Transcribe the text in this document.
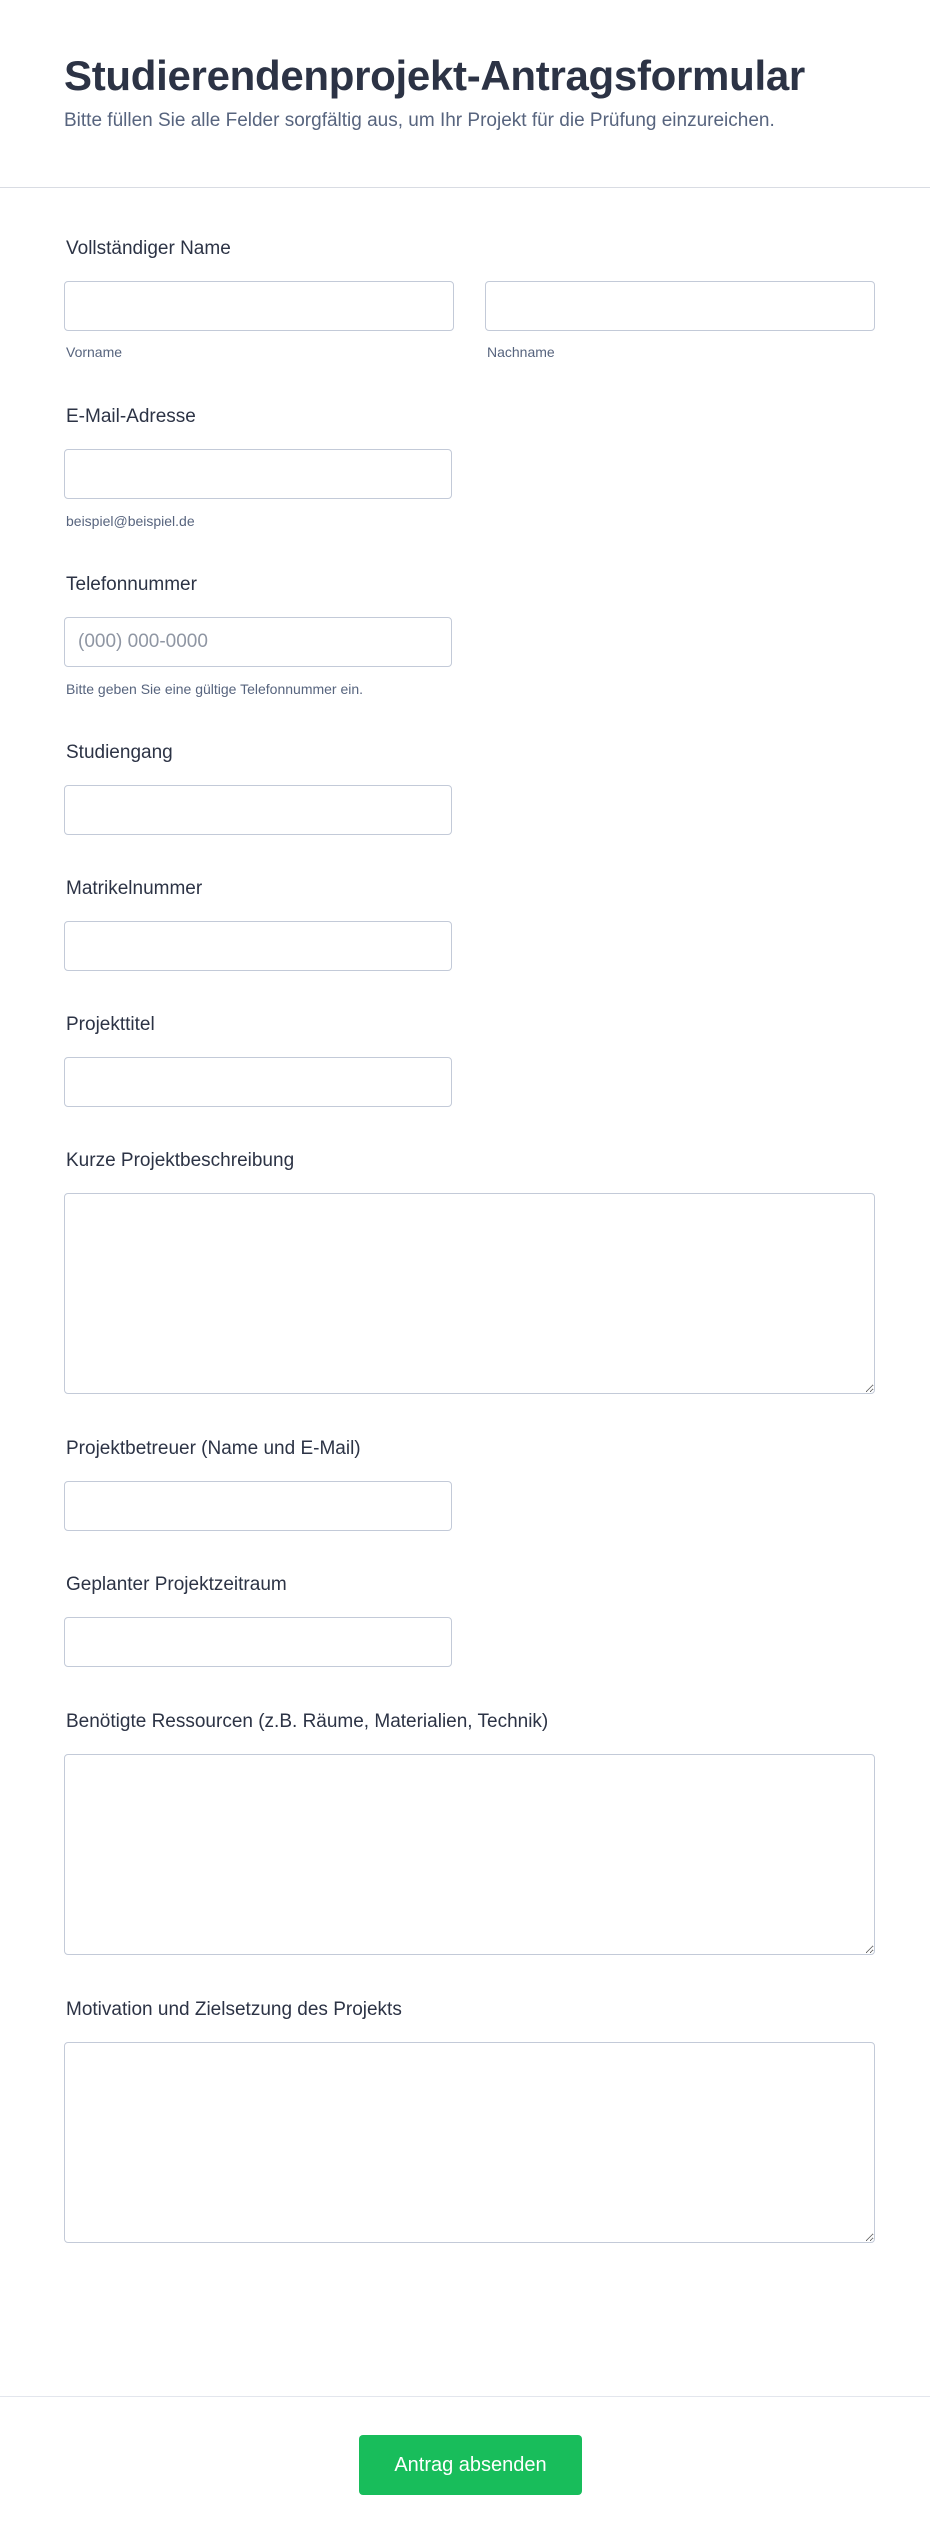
Studierendenprojekt-Antragsformular

Bitte füllen Sie alle Felder sorgfältig aus, um Ihr Projekt für die Prüfung einzureichen.

Vollständiger Name
Vorname	Nachname
E-Mail-Adresse
beispiel@beispiel.de
Telefonnummer
(000) 000-0000
Bitte geben Sie eine gültige Telefonnummer ein.
Studiengang
Matrikelnummer
Projekttitel
Kurze Projektbeschreibung
Projektbetreuer (Name und E-Mail)
Geplanter Projektzeitraum
Benötigte Ressourcen (z.B. Räume, Materialien, Technik)
Motivation und Zielsetzung des Projekts
Antrag absenden
